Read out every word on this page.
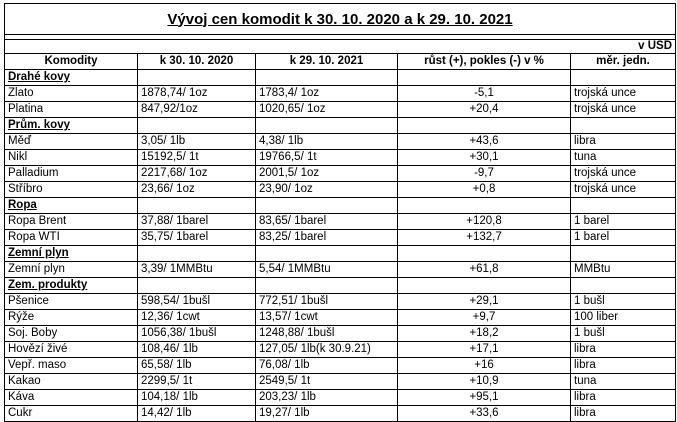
Vývoj cen komodit k 30. 10. 2020 a k 29. 10. 2021				

v USD				
Komodity	k 30. 10. 2020	k 29. 10. 2021	růst (+), pokles (-) v %	měr. jedn.
Drahé kovy				
Zlato	1878,74/ 1oz	1783,4/ 1oz	-5,1	trojská unce
Platina	847,92/1oz	1020,65/ 1oz	+20,4	trojská unce
Prům. kovy				
Měď	3,05/ 1lb	4,38/ 1lb	+43,6	libra
Nikl	15192,5/ 1t	19766,5/ 1t	+30,1	tuna
Palladium	2217,68/ 1oz	2001,5/ 1oz	-9,7	trojská unce
Stříbro	23,66/ 1oz	23,90/ 1oz	+0,8	trojská unce
Ropa				
Ropa Brent	37,88/ 1barel	83,65/ 1barel	+120,8	1 barel
Ropa WTI	35,75/ 1barel	83,25/ 1barel	+132,7	1 barel
Zemní plyn				
Zemní plyn	3,39/ 1MMBtu	5,54/ 1MMBtu	+61,8	MMBtu
Zem. produkty				
Pšenice	598,54/ 1bušl	772,51/ 1bušl	+29,1	1 bušl
Rýže	12,36/ 1cwt	13,57/ 1cwt	+9,7	100 liber
Soj. Boby	1056,38/ 1bušl	1248,88/ 1bušl	+18,2	1 bušl
Hovězí živé	108,46/ 1lb	127,05/ 1lb(k 30.9.21)	+17,1	libra
Vepř. maso	65,58/ 1lb	76,08/ 1lb	+16	libra
Kakao	2299,5/ 1t	2549,5/ 1t	+10,9	tuna
Káva	104,18/ 1lb	203,23/ 1lb	+95,1	libra
Cukr	14,42/ 1lb	19,27/ 1lb	+33,6	libra
